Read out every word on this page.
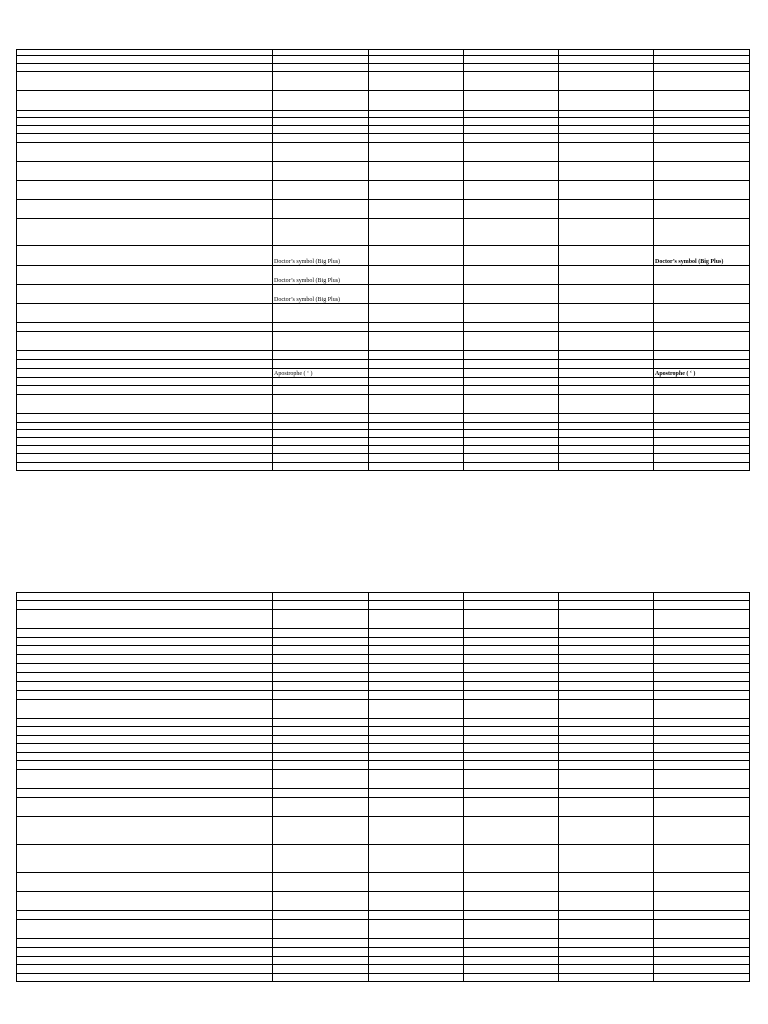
	Doctor’s symbol (Big Plus)				Doctor’s symbol (Big Plus)
	Doctor’s symbol (Big Plus)				
	Doctor’s symbol (Big Plus)				

	Apostrophe ( ‘ )				Apostrophe ( ‘ )
